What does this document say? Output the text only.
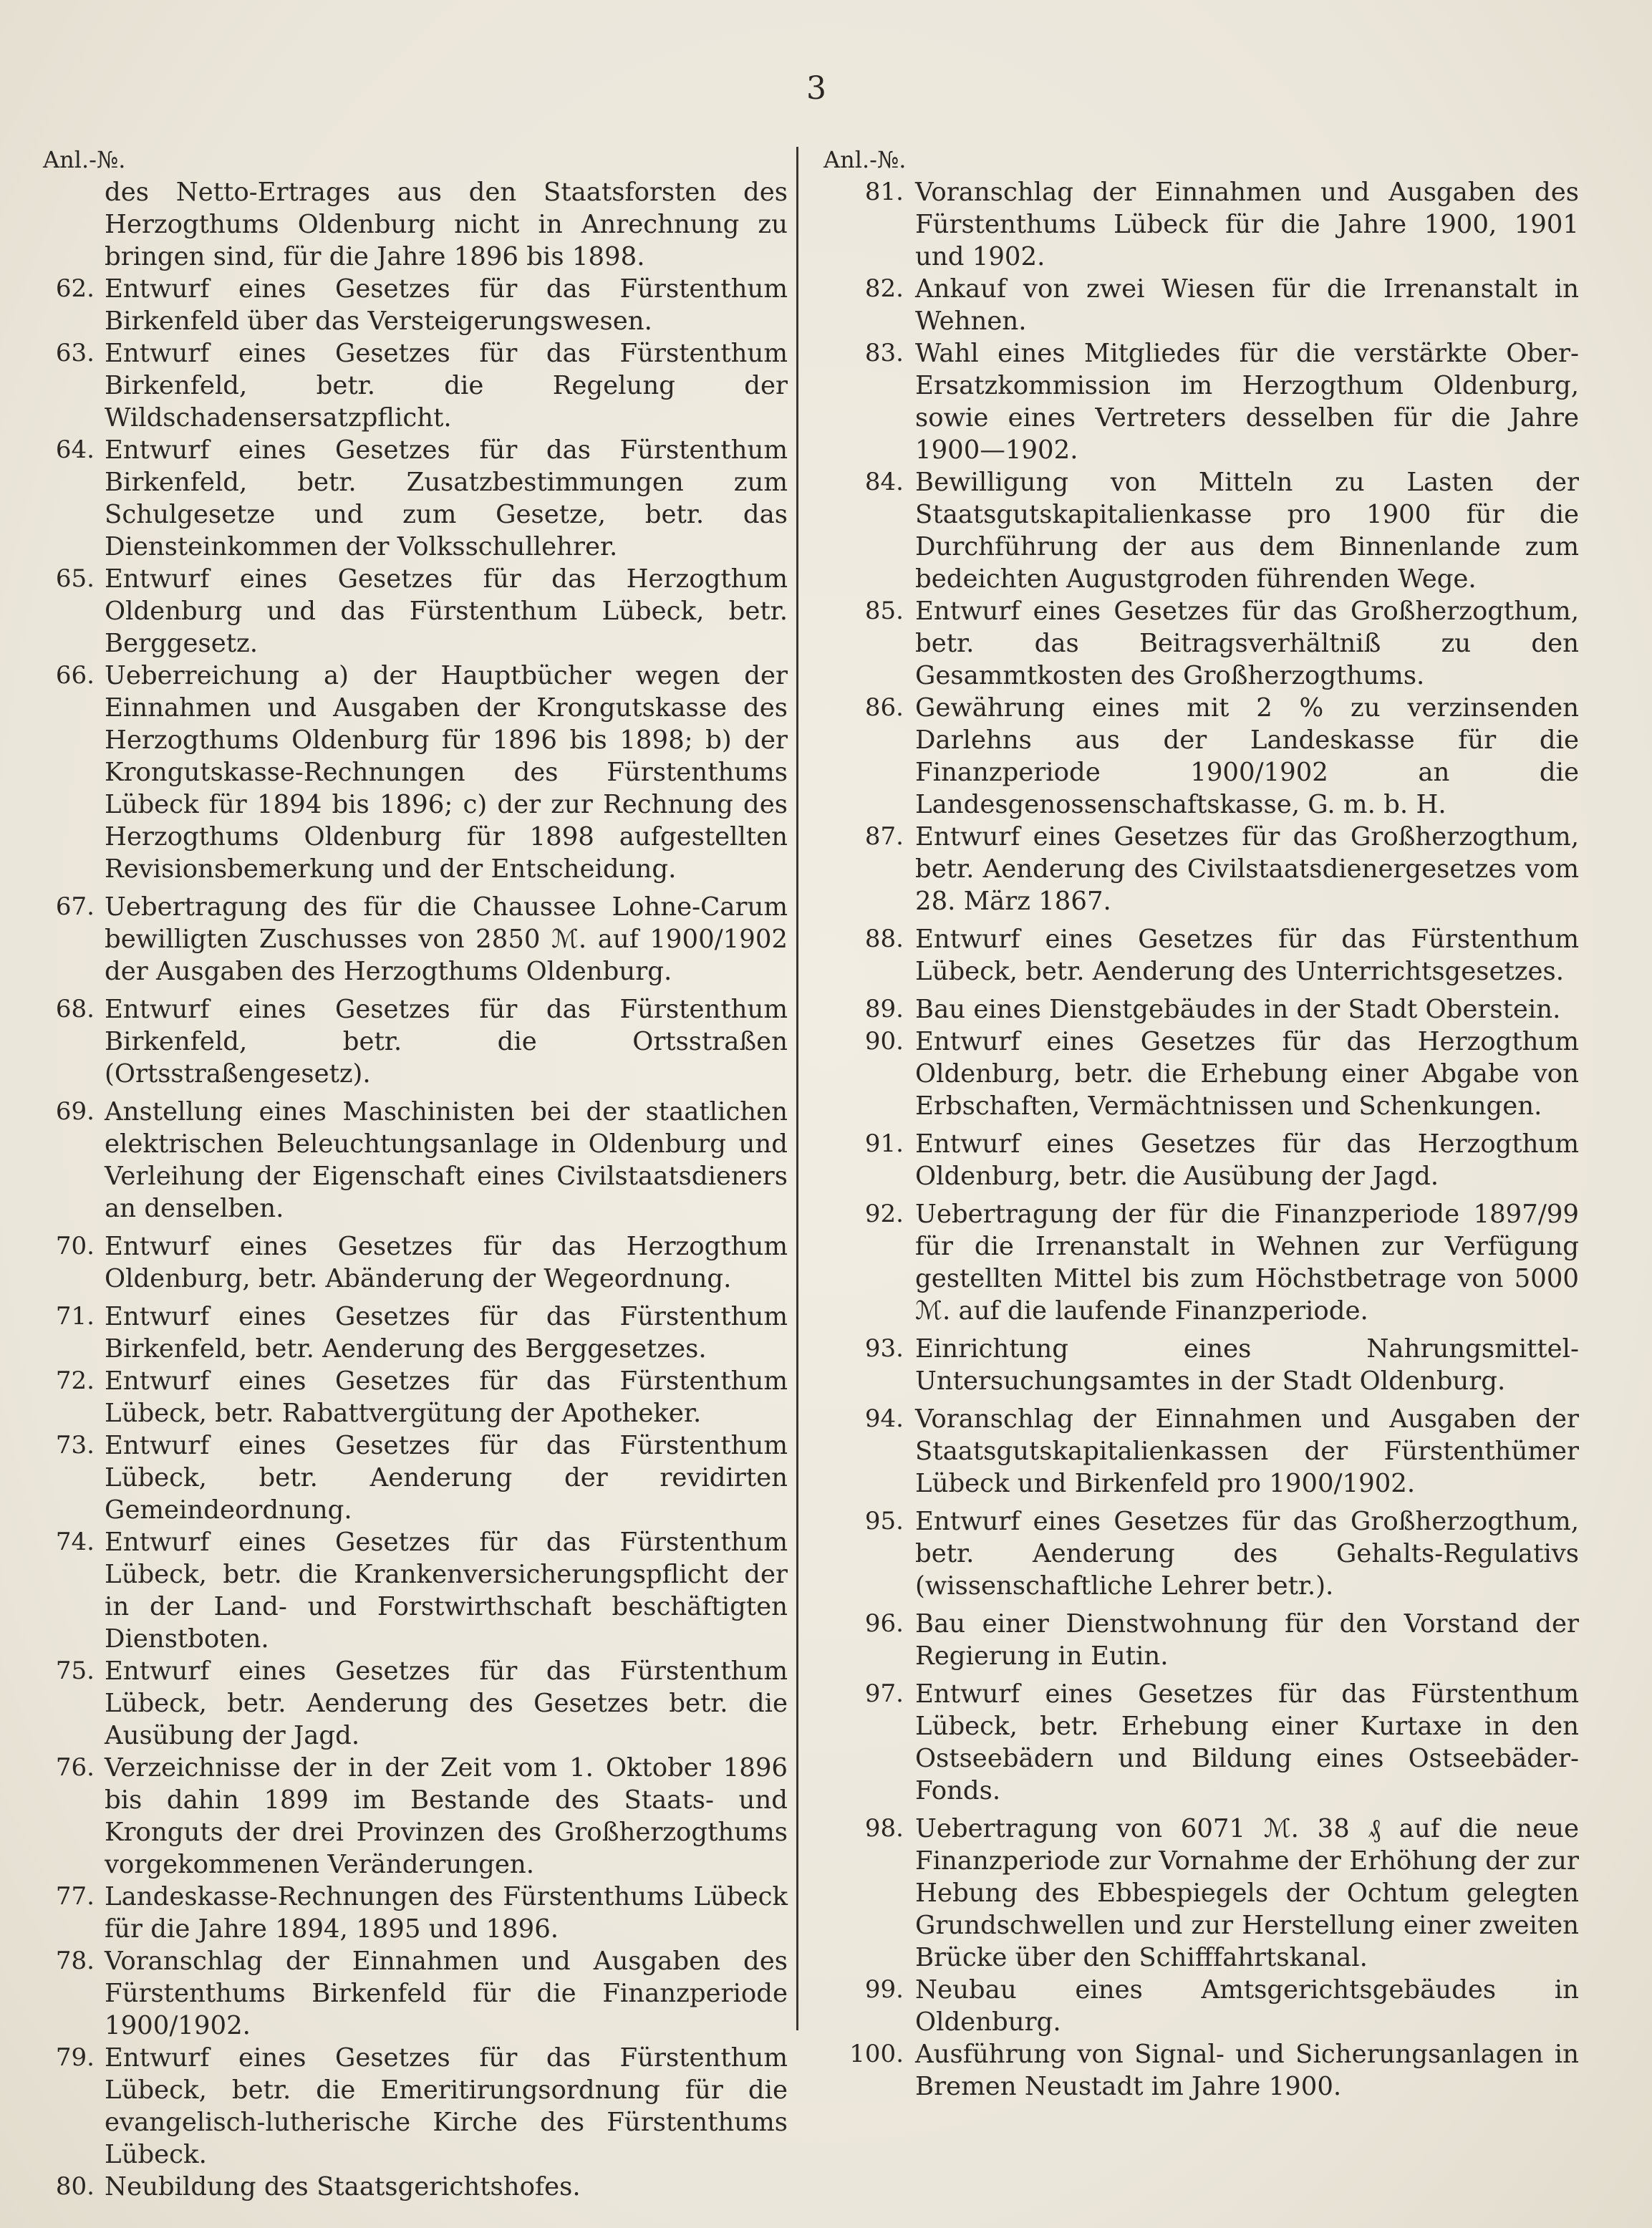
3
Anl.-№.
des Netto-Ertrages aus den Staatsforsten des Herzogthums Oldenburg nicht in Anrechnung zu bringen sind, für die Jahre 1896 bis 1898.
62. Entwurf eines Gesetzes für das Fürstenthum Birkenfeld über das Versteigerungswesen.
63. Entwurf eines Gesetzes für das Fürstenthum Birkenfeld, betr. die Regelung der Wildschadensersatzpflicht.
64. Entwurf eines Gesetzes für das Fürstenthum Birkenfeld, betr. Zusatzbestimmungen zum Schulgesetze und zum Gesetze, betr. das Diensteinkommen der Volksschullehrer.
65. Entwurf eines Gesetzes für das Herzogthum Oldenburg und das Fürstenthum Lübeck, betr. Berggesetz.
66. Ueberreichung a) der Hauptbücher wegen der Einnahmen und Ausgaben der Krongutskasse des Herzogthums Oldenburg für 1896 bis 1898; b) der Krongutskasse-Rechnungen des Fürstenthums Lübeck für 1894 bis 1896; c) der zur Rechnung des Herzogthums Oldenburg für 1898 aufgestellten Revisionsbemerkung und der Entscheidung.
67. Uebertragung des für die Chaussee Lohne-Carum bewilligten Zuschusses von 2850 ℳ. auf 1900/1902 der Ausgaben des Herzogthums Oldenburg.
68. Entwurf eines Gesetzes für das Fürstenthum Birkenfeld, betr. die Ortsstraßen (Ortsstraßengesetz).
69. Anstellung eines Maschinisten bei der staatlichen elektrischen Beleuchtungsanlage in Oldenburg und Verleihung der Eigenschaft eines Civilstaatsdieners an denselben.
70. Entwurf eines Gesetzes für das Herzogthum Oldenburg, betr. Abänderung der Wegeordnung.
71. Entwurf eines Gesetzes für das Fürstenthum Birkenfeld, betr. Aenderung des Berggesetzes.
72. Entwurf eines Gesetzes für das Fürstenthum Lübeck, betr. Rabattvergütung der Apotheker.
73. Entwurf eines Gesetzes für das Fürstenthum Lübeck, betr. Aenderung der revidirten Gemeindeordnung.
74. Entwurf eines Gesetzes für das Fürstenthum Lübeck, betr. die Krankenversicherungspflicht der in der Land- und Forstwirthschaft beschäftigten Dienstboten.
75. Entwurf eines Gesetzes für das Fürstenthum Lübeck, betr. Aenderung des Gesetzes betr. die Ausübung der Jagd.
76. Verzeichnisse der in der Zeit vom 1. Oktober 1896 bis dahin 1899 im Bestande des Staats- und Kronguts der drei Provinzen des Großherzogthums vorgekommenen Veränderungen.
77. Landeskasse-Rechnungen des Fürstenthums Lübeck für die Jahre 1894, 1895 und 1896.
78. Voranschlag der Einnahmen und Ausgaben des Fürstenthums Birkenfeld für die Finanzperiode 1900/1902.
79. Entwurf eines Gesetzes für das Fürstenthum Lübeck, betr. die Emeritirungsordnung für die evangelisch-lutherische Kirche des Fürstenthums Lübeck.
80. Neubildung des Staatsgerichtshofes.
Anl.-№.
81. Voranschlag der Einnahmen und Ausgaben des Fürstenthums Lübeck für die Jahre 1900, 1901 und 1902.
82. Ankauf von zwei Wiesen für die Irrenanstalt in Wehnen.
83. Wahl eines Mitgliedes für die verstärkte Ober-Ersatzkommission im Herzogthum Oldenburg, sowie eines Vertreters desselben für die Jahre 1900—1902.
84. Bewilligung von Mitteln zu Lasten der Staatsgutskapitalienkasse pro 1900 für die Durchführung der aus dem Binnenlande zum bedeichten Augustgroden führenden Wege.
85. Entwurf eines Gesetzes für das Großherzogthum, betr. das Beitragsverhältniß zu den Gesammtkosten des Großherzogthums.
86. Gewährung eines mit 2 % zu verzinsenden Darlehns aus der Landeskasse für die Finanzperiode 1900/1902 an die Landesgenossenschaftskasse, G. m. b. H.
87. Entwurf eines Gesetzes für das Großherzogthum, betr. Aenderung des Civilstaatsdienergesetzes vom 28. März 1867.
88. Entwurf eines Gesetzes für das Fürstenthum Lübeck, betr. Aenderung des Unterrichtsgesetzes.
89. Bau eines Dienstgebäudes in der Stadt Oberstein.
90. Entwurf eines Gesetzes für das Herzogthum Oldenburg, betr. die Erhebung einer Abgabe von Erbschaften, Vermächtnissen und Schenkungen.
91. Entwurf eines Gesetzes für das Herzogthum Oldenburg, betr. die Ausübung der Jagd.
92. Uebertragung der für die Finanzperiode 1897/99 für die Irrenanstalt in Wehnen zur Verfügung gestellten Mittel bis zum Höchstbetrage von 5000 ℳ. auf die laufende Finanzperiode.
93. Einrichtung eines Nahrungsmittel-Untersuchungsamtes in der Stadt Oldenburg.
94. Voranschlag der Einnahmen und Ausgaben der Staatsgutskapitalienkassen der Fürstenthümer Lübeck und Birkenfeld pro 1900/1902.
95. Entwurf eines Gesetzes für das Großherzogthum, betr. Aenderung des Gehalts-Regulativs (wissenschaftliche Lehrer betr.).
96. Bau einer Dienstwohnung für den Vorstand der Regierung in Eutin.
97. Entwurf eines Gesetzes für das Fürstenthum Lübeck, betr. Erhebung einer Kurtaxe in den Ostseebädern und Bildung eines Ostseebäder-Fonds.
98. Uebertragung von 6071 ℳ. 38 ₰ auf die neue Finanzperiode zur Vornahme der Erhöhung der zur Hebung des Ebbespiegels der Ochtum gelegten Grundschwellen und zur Herstellung einer zweiten Brücke über den Schifffahrtskanal.
99. Neubau eines Amtsgerichtsgebäudes in Oldenburg.
100. Ausführung von Signal- und Sicherungsanlagen in Bremen Neustadt im Jahre 1900.
